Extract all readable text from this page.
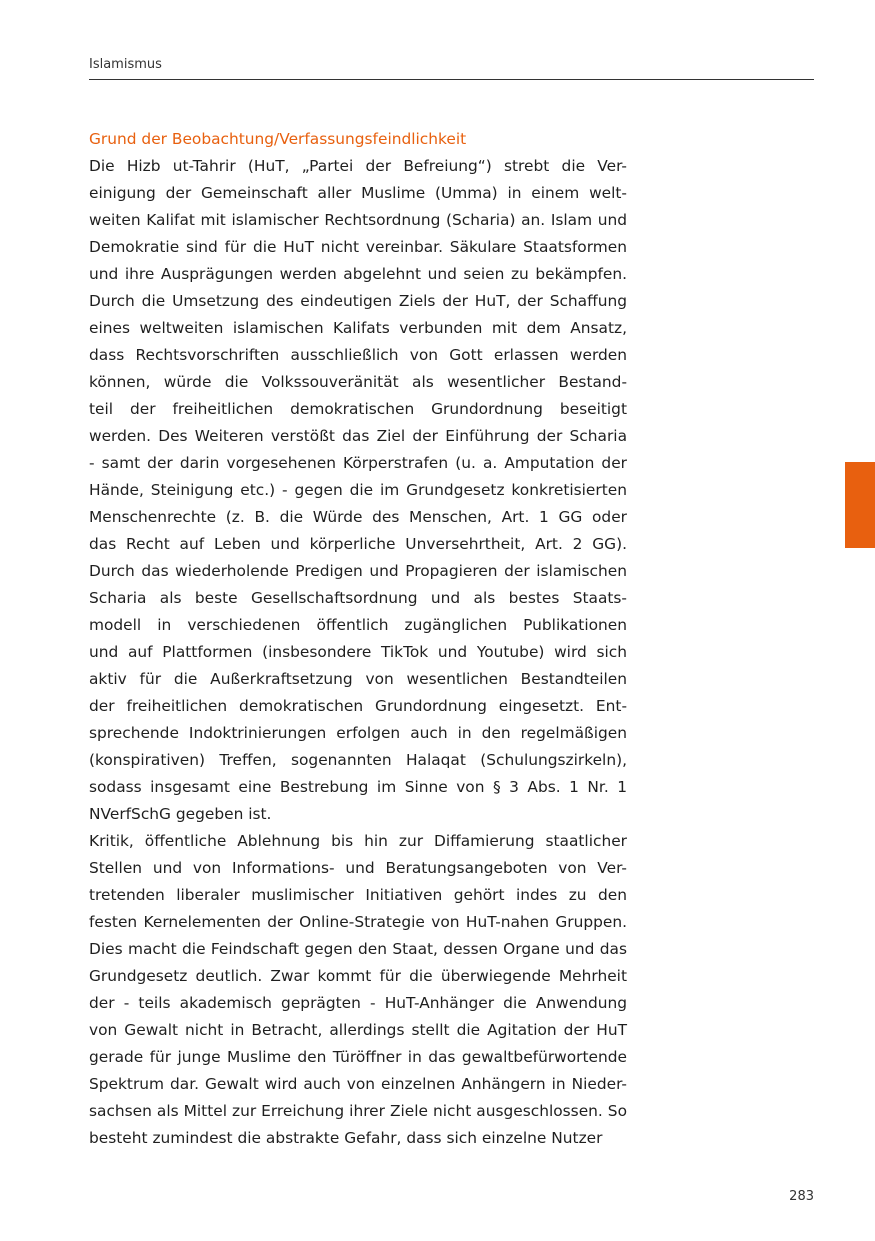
Islamismus
Grund der Beobachtung/Verfassungsfeindlichkeit
Die Hizb ut-Tahrir (HuT, „Partei der Befreiung“) strebt die Ver-
einigung der Gemeinschaft aller Muslime (Umma) in einem welt-
weiten Kalifat mit islamischer Rechtsordnung (Scharia) an. Islam und
Demokratie sind für die HuT nicht vereinbar. Säkulare Staatsformen
und ihre Ausprägungen werden abgelehnt und seien zu bekämpfen.
Durch die Umsetzung des eindeutigen Ziels der HuT, der Schaffung
eines weltweiten islamischen Kalifats verbunden mit dem Ansatz,
dass Rechtsvorschriften ausschließlich von Gott erlassen werden
können, würde die Volkssouveränität als wesentlicher Bestand-
teil der freiheitlichen demokratischen Grundordnung beseitigt
werden. Des Weiteren verstößt das Ziel der Einführung der Scharia
- samt der darin vorgesehenen Körperstrafen (u. a. Amputation der
Hände, Steinigung etc.) - gegen die im Grundgesetz konkretisierten
Menschenrechte (z. B. die Würde des Menschen, Art. 1 GG oder
das Recht auf Leben und körperliche Unversehrtheit, Art. 2 GG).
Durch das wiederholende Predigen und Propagieren der islamischen
Scharia als beste Gesellschaftsordnung und als bestes Staats-
modell in verschiedenen öffentlich zugänglichen Publikationen
und auf Plattformen (insbesondere TikTok und Youtube) wird sich
aktiv für die Außerkraftsetzung von wesentlichen Bestandteilen
der freiheitlichen demokratischen Grundordnung eingesetzt. Ent-
sprechende Indoktrinierungen erfolgen auch in den regelmäßigen
(konspirativen) Treffen, sogenannten Halaqat (Schulungszirkeln),
sodass insgesamt eine Bestrebung im Sinne von § 3 Abs. 1 Nr. 1
NVerfSchG gegeben ist.
Kritik, öffentliche Ablehnung bis hin zur Diffamierung staatlicher
Stellen und von Informations- und Beratungsangeboten von Ver-
tretenden liberaler muslimischer Initiativen gehört indes zu den
festen Kernelementen der Online-Strategie von HuT-nahen Gruppen.
Dies macht die Feindschaft gegen den Staat, dessen Organe und das
Grundgesetz deutlich. Zwar kommt für die überwiegende Mehrheit
der - teils akademisch geprägten - HuT-Anhänger die Anwendung
von Gewalt nicht in Betracht, allerdings stellt die Agitation der HuT
gerade für junge Muslime den Türöffner in das gewaltbefürwortende
Spektrum dar. Gewalt wird auch von einzelnen Anhängern in Nieder-
sachsen als Mittel zur Erreichung ihrer Ziele nicht ausgeschlossen. So
besteht zumindest die abstrakte Gefahr, dass sich einzelne Nutzer
283
